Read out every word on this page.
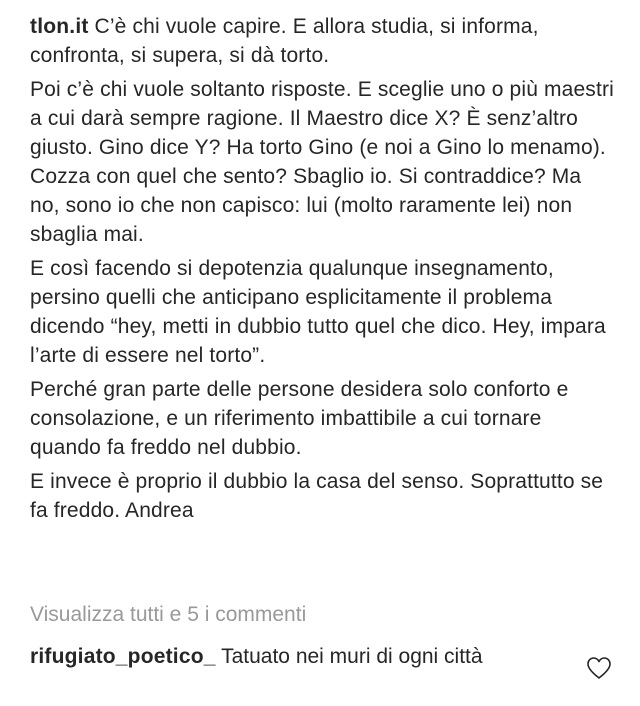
tlon.it C’è chi vuole capire. E allora studia, si informa, confronta, si supera, si dà torto.

Poi c’è chi vuole soltanto risposte. E sceglie uno o più maestri a cui darà sempre ragione. Il Maestro dice X? È senz’altro giusto. Gino dice Y? Ha torto Gino (e noi a Gino lo menamo). Cozza con quel che sento? Sbaglio io. Si contraddice? Ma no, sono io che non capisco: lui (molto raramente lei) non sbaglia mai.

E così facendo si depotenzia qualunque insegnamento, persino quelli che anticipano esplicitamente il problema dicendo “hey, metti in dubbio tutto quel che dico. Hey, impara l’arte di essere nel torto”.

Perché gran parte delle persone desidera solo conforto e consolazione, e un riferimento imbattibile a cui tornare quando fa freddo nel dubbio.

E invece è proprio il dubbio la casa del senso. Soprattutto se fa freddo. Andrea

Visualizza tutti e 5 i commenti
rifugiato_poetico_ Tatuato nei muri di ogni città
